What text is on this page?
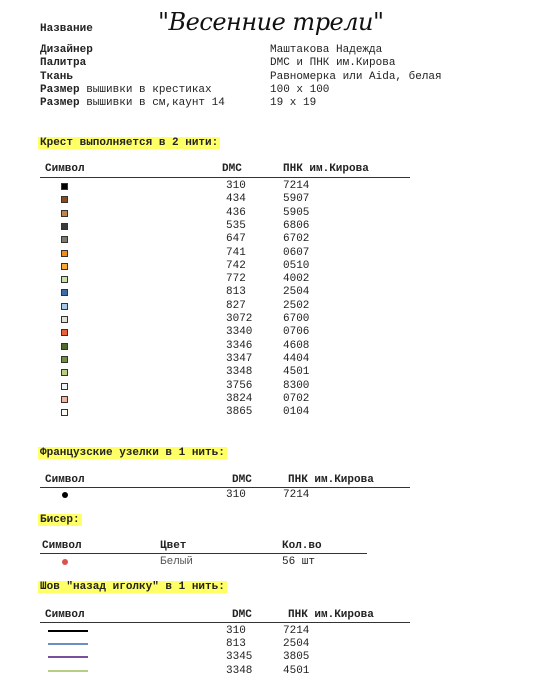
Название	"Весенние трели"
Дизайнер	Маштакова Надежда
Палитра	DMC и ПНК им.Кирова
Ткань	Равномерка или Aida, белая
Размер вышивки в крестиках	100 х 100
Размер вышивки в см,каунт 14	19 х 19
Крест выполняется в 2 нити:
Символ	DMC	ПНК им.Кирова
310	7214
434	5907
436	5905
535	6806
647	6702
741	0607
742	0510
772	4002
813	2504
827	2502
3072	6700
3340	0706
3346	4608
3347	4404
3348	4501
3756	8300
3824	0702
3865	0104
Французские узелки в 1 нить:
Символ	DMC	ПНК им.Кирова
310	7214
Бисер:
Символ	Цвет	Кол.во
Белый	56 шт
Шов "назад иголку" в 1 нить:
Символ	DMC	ПНК им.Кирова
310	7214
813	2504
3345	3805
3348	4501
